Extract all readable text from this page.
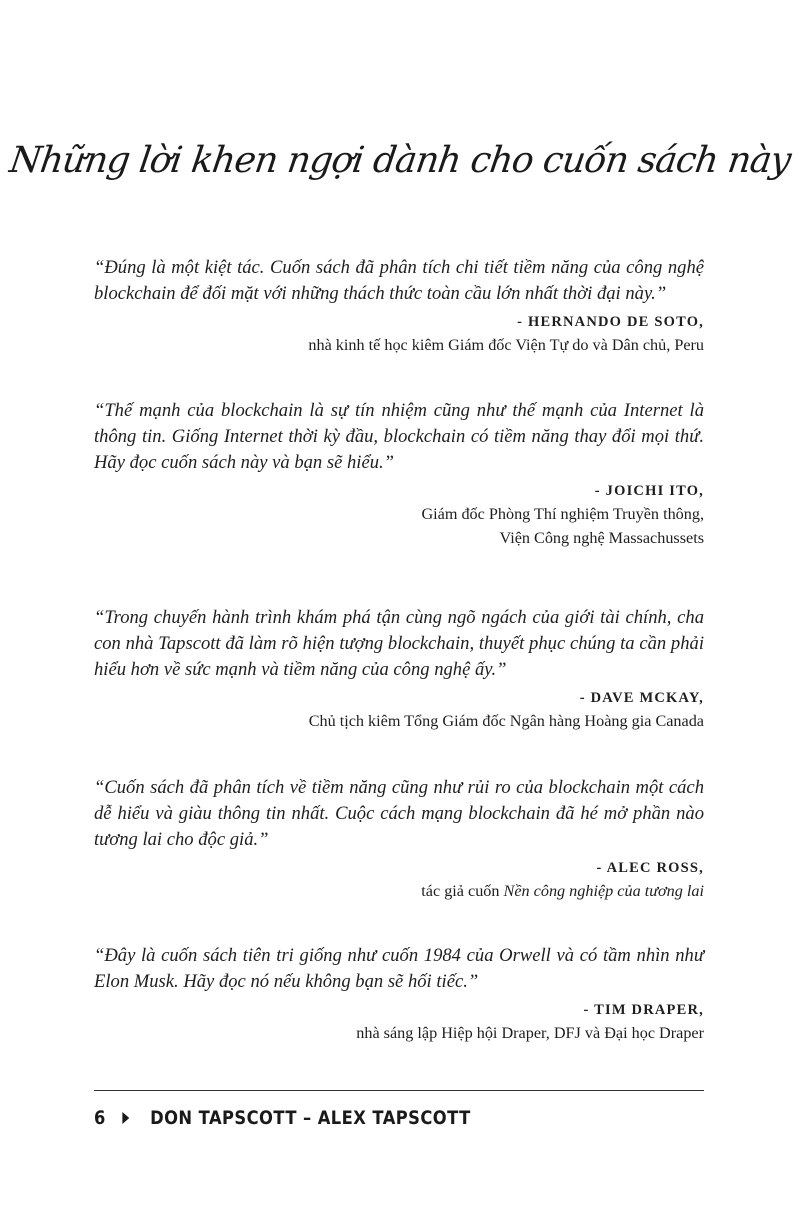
Những lời khen ngợi dành cho cuốn sách này

“Đúng là một kiệt tác. Cuốn sách đã phân tích chi tiết tiềm năng của công nghệ blockchain để đối mặt với những thách thức toàn cầu lớn nhất thời đại này.”

- HERNANDO DE SOTO,
nhà kinh tế học kiêm Giám đốc Viện Tự do và Dân chủ, Peru

“Thế mạnh của blockchain là sự tín nhiệm cũng như thế mạnh của Internet là thông tin. Giống Internet thời kỳ đầu, blockchain có tiềm năng thay đổi mọi thứ. Hãy đọc cuốn sách này và bạn sẽ hiểu.”

- JOICHI ITO,
Giám đốc Phòng Thí nghiệm Truyền thông,
Viện Công nghệ Massachussets

“Trong chuyến hành trình khám phá tận cùng ngõ ngách của giới tài chính, cha con nhà Tapscott đã làm rõ hiện tượng blockchain, thuyết phục chúng ta cần phải hiểu hơn về sức mạnh và tiềm năng của công nghệ ấy.”

- DAVE MCKAY,
Chủ tịch kiêm Tổng Giám đốc Ngân hàng Hoàng gia Canada

“Cuốn sách đã phân tích về tiềm năng cũng như rủi ro của blockchain một cách dễ hiểu và giàu thông tin nhất. Cuộc cách mạng blockchain đã hé mở phần nào tương lai cho độc giả.”

- ALEC ROSS,
tác giả cuốn Nền công nghiệp của tương lai

“Đây là cuốn sách tiên tri giống như cuốn 1984 của Orwell và có tầm nhìn như Elon Musk. Hãy đọc nó nếu không bạn sẽ hối tiếc.”

- TIM DRAPER,
nhà sáng lập Hiệp hội Draper, DFJ và Đại học Draper
6 DON TAPSCOTT – ALEX TAPSCOTT
